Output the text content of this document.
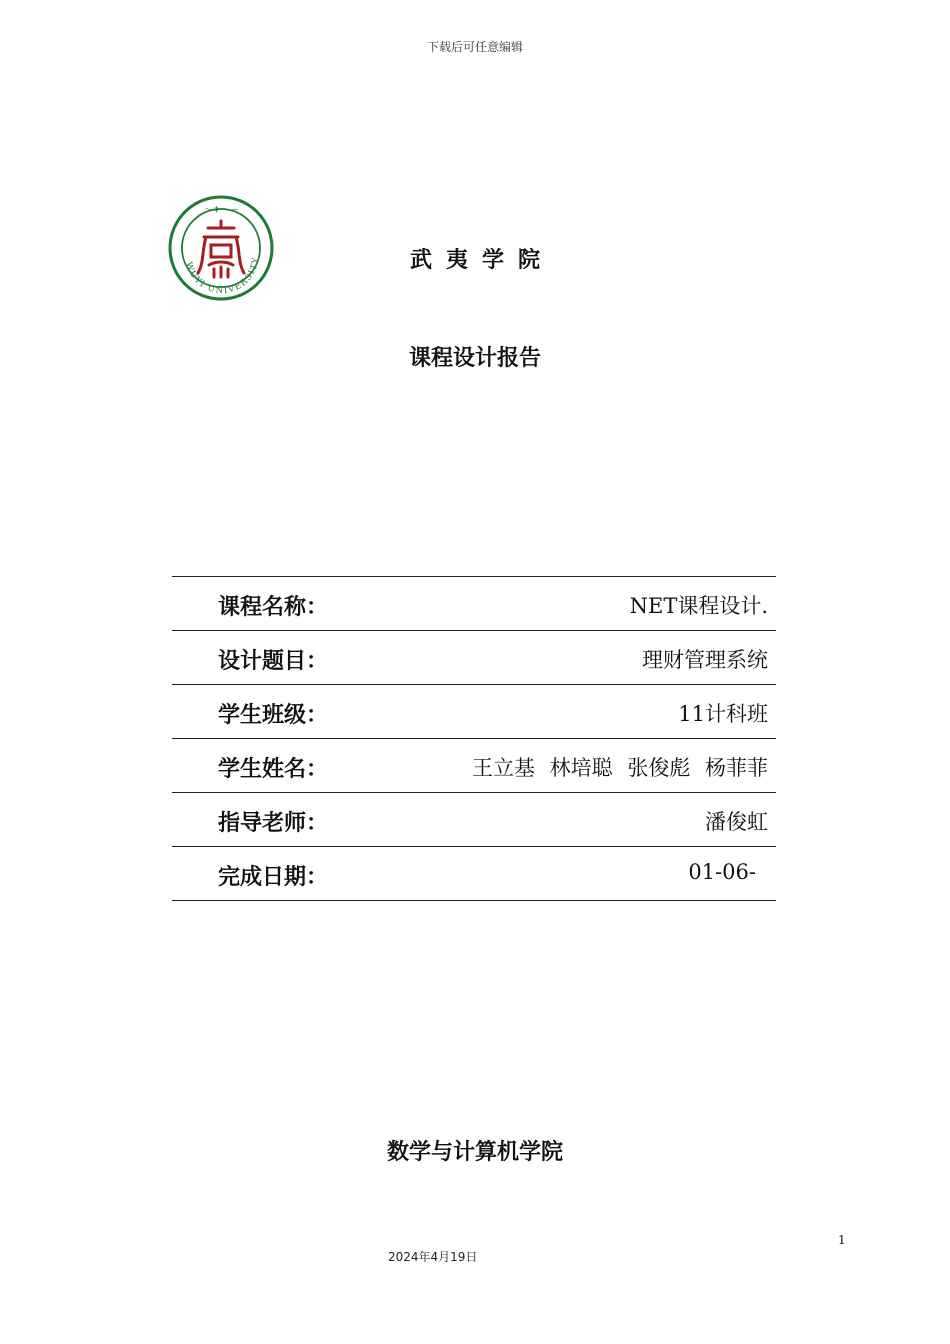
下载后可任意编辑
WUYI UNIVERSITY
～ ‡ ～ ∽
武夷学院
课程设计报告
课程名称：	NET课程设计.
设计题目：	理财管理系统
学生班级：	11计科班
学生姓名：	王立基 林培聪 张俊彪 杨菲菲
指导老师：	潘俊虹
完成日期：	01-06-
数学与计算机学院
1
2024年4月19日
